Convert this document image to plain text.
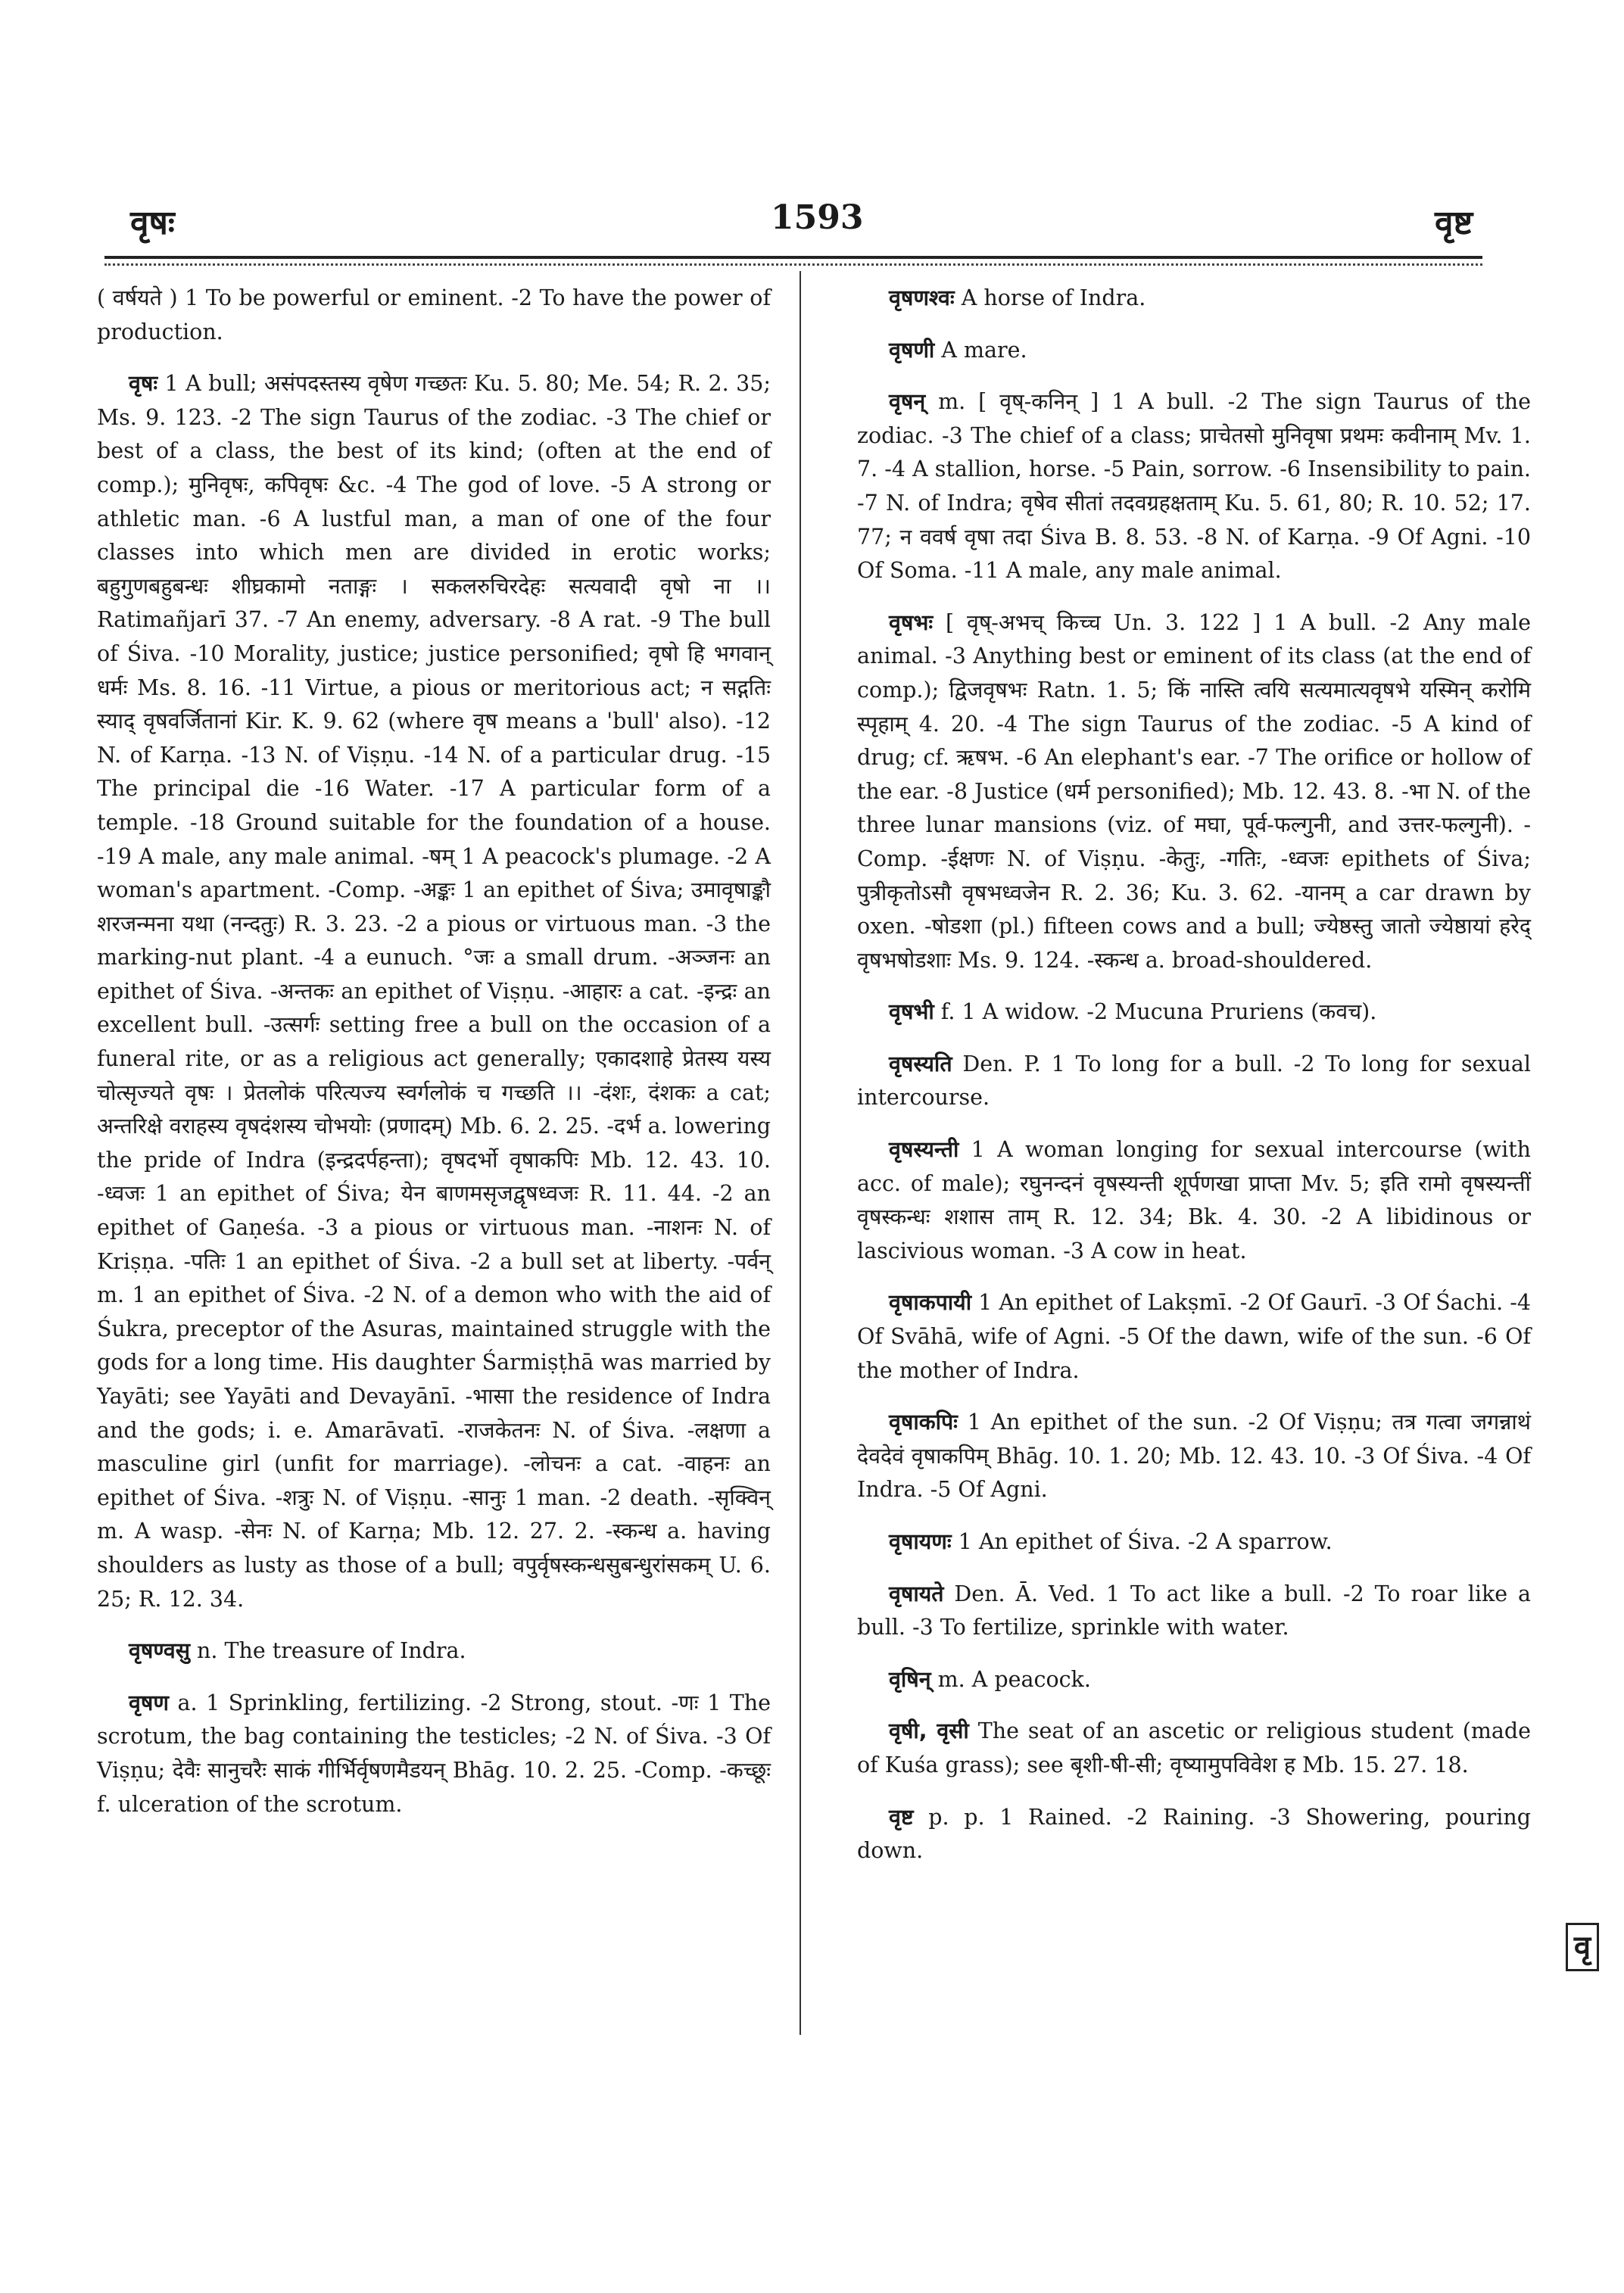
वृषः	1593	वृष्ट

( वर्षयते ) 1 To be powerful or eminent. -2 To have the power of production.

वृषः 1 A bull; असंपदस्तस्य वृषेण गच्छतः Ku. 5. 80; Me. 54; R. 2. 35; Ms. 9. 123. -2 The sign Taurus of the zodiac. -3 The chief or best of a class, the best of its kind; (often at the end of comp.); मुनिवृषः, कपिवृषः &c. -4 The god of love. -5 A strong or athletic man. -6 A lustful man, a man of one of the four classes into which men are divided in erotic works; बहुगुणबहुबन्धः शीघ्रकामो नताङ्गः । सकलरुचिरदेहः सत्यवादी वृषो ना ।। Ratimañjarī 37. -7 An enemy, adversary. -8 A rat. -9 The bull of Śiva. -10 Morality, justice; justice personified; वृषो हि भगवान् धर्मः Ms. 8. 16. -11 Virtue, a pious or meritorious act; न सद्गतिः स्याद् वृषवर्जितानां Kir. K. 9. 62 (where वृष means a 'bull' also). -12 N. of Karṇa. -13 N. of Viṣṇu. -14 N. of a particular drug. -15 The principal die -16 Water. -17 A particular form of a temple. -18 Ground suitable for the foundation of a house. -19 A male, any male animal. -षम् 1 A peacock's plumage. -2 A woman's apartment. -Comp. -अङ्कः 1 an epithet of Śiva; उमावृषाङ्कौ शरजन्मना यथा (नन्दतुः) R. 3. 23. -2 a pious or virtuous man. -3 the marking-nut plant. -4 a eunuch. °जः a small drum. -अञ्जनः an epithet of Śiva. -अन्तकः an epithet of Viṣṇu. -आहारः a cat. -इन्द्रः an excellent bull. -उत्सर्गः setting free a bull on the occasion of a funeral rite, or as a religious act generally; एकादशाहे प्रेतस्य यस्य चोत्सृज्यते वृषः । प्रेतलोकं परित्यज्य स्वर्गलोकं च गच्छति ।। -दंशः, दंशकः a cat; अन्तरिक्षे वराहस्य वृषदंशस्य चोभयोः (प्रणादम्) Mb. 6. 2. 25. -दर्भ a. lowering the pride of Indra (इन्द्रदर्पहन्ता); वृषदर्भो वृषाकपिः Mb. 12. 43. 10. -ध्वजः 1 an epithet of Śiva; येन बाणमसृजद्वृषध्वजः R. 11. 44. -2 an epithet of Gaṇeśa. -3 a pious or virtuous man. -नाशनः N. of Kriṣṇa. -पतिः 1 an epithet of Śiva. -2 a bull set at liberty. -पर्वन् m. 1 an epithet of Śiva. -2 N. of a demon who with the aid of Śukra, preceptor of the Asuras, maintained struggle with the gods for a long time. His daughter Śarmiṣṭhā was married by Yayāti; see Yayāti and Devayānī. -भासा the residence of Indra and the gods; i. e. Amarāvatī. -राजकेतनः N. of Śiva. -लक्षणा a masculine girl (unfit for marriage). -लोचनः a cat. -वाहनः an epithet of Śiva. -शत्रुः N. of Viṣṇu. -सानुः 1 man. -2 death. -सृक्विन् m. A wasp. -सेनः N. of Karṇa; Mb. 12. 27. 2. -स्कन्ध a. having shoulders as lusty as those of a bull; वपुर्वृषस्कन्धसुबन्धुरांसकम् U. 6. 25; R. 12. 34.

वृषण्वसु n. The treasure of Indra.

वृषण a. 1 Sprinkling, fertilizing. -2 Strong, stout. -णः 1 The scrotum, the bag containing the testicles; -2 N. of Śiva. -3 Of Viṣṇu; देवैः सानुचरैः साकं गीर्भिर्वृषणमैडयन् Bhāg. 10. 2. 25. -Comp. -कच्छूः f. ulceration of the scrotum.

वृषणश्वः A horse of Indra.

वृषणी A mare.

वृषन् m. [ वृष्-कनिन् ] 1 A bull. -2 The sign Taurus of the zodiac. -3 The chief of a class; प्राचेतसो मुनिवृषा प्रथमः कवीनाम् Mv. 1. 7. -4 A stallion, horse. -5 Pain, sorrow. -6 Insensibility to pain. -7 N. of Indra; वृषेव सीतां तदवग्रहक्षताम् Ku. 5. 61, 80; R. 10. 52; 17. 77; न ववर्ष वृषा तदा Śiva B. 8. 53. -8 N. of Karṇa. -9 Of Agni. -10 Of Soma. -11 A male, any male animal.

वृषभः [ वृष्-अभच् किच्च Un. 3. 122 ] 1 A bull. -2 Any male animal. -3 Anything best or eminent of its class (at the end of comp.); द्विजवृषभः Ratn. 1. 5; किं नास्ति त्वयि सत्यमात्यवृषभे यस्मिन् करोमि स्पृहाम् 4. 20. -4 The sign Taurus of the zodiac. -5 A kind of drug; cf. ऋषभ. -6 An elephant's ear. -7 The orifice or hollow of the ear. -8 Justice (धर्म personified); Mb. 12. 43. 8. -भा N. of the three lunar mansions (viz. of मघा, पूर्व-फल्गुनी, and उत्तर-फल्गुनी). -Comp. -ईक्षणः N. of Viṣṇu. -केतुः, -गतिः, -ध्वजः epithets of Śiva; पुत्रीकृतोऽसौ वृषभध्वजेन R. 2. 36; Ku. 3. 62. -यानम् a car drawn by oxen. -षोडशा (pl.) fifteen cows and a bull; ज्येष्ठस्तु जातो ज्येष्ठायां हरेद् वृषभषोडशाः Ms. 9. 124. -स्कन्ध a. broad-shouldered.

वृषभी f. 1 A widow. -2 Mucuna Pruriens (कवच).

वृषस्यति Den. P. 1 To long for a bull. -2 To long for sexual intercourse.

वृषस्यन्ती 1 A woman longing for sexual intercourse (with acc. of male); रघुनन्दनं वृषस्यन्ती शूर्पणखा प्राप्ता Mv. 5; इति रामो वृषस्यन्तीं वृषस्कन्धः शशास ताम् R. 12. 34; Bk. 4. 30. -2 A libidinous or lascivious woman. -3 A cow in heat.

वृषाकपायी 1 An epithet of Lakṣmī. -2 Of Gaurī. -3 Of Śachi. -4 Of Svāhā, wife of Agni. -5 Of the dawn, wife of the sun. -6 Of the mother of Indra.

वृषाकपिः 1 An epithet of the sun. -2 Of Viṣṇu; तत्र गत्वा जगन्नाथं देवदेवं वृषाकपिम् Bhāg. 10. 1. 20; Mb. 12. 43. 10. -3 Of Śiva. -4 Of Indra. -5 Of Agni.

वृषायणः 1 An epithet of Śiva. -2 A sparrow.

वृषायते Den. Ā. Ved. 1 To act like a bull. -2 To roar like a bull. -3 To fertilize, sprinkle with water.

वृषिन् m. A peacock.

वृषी, वृसी The seat of an ascetic or religious student (made of Kuśa grass); see बृशी-षी-सी; वृष्यामुपविवेश ह Mb. 15. 27. 18.

वृष्ट p. p. 1 Rained. -2 Raining. -3 Showering, pouring down.

वृ
